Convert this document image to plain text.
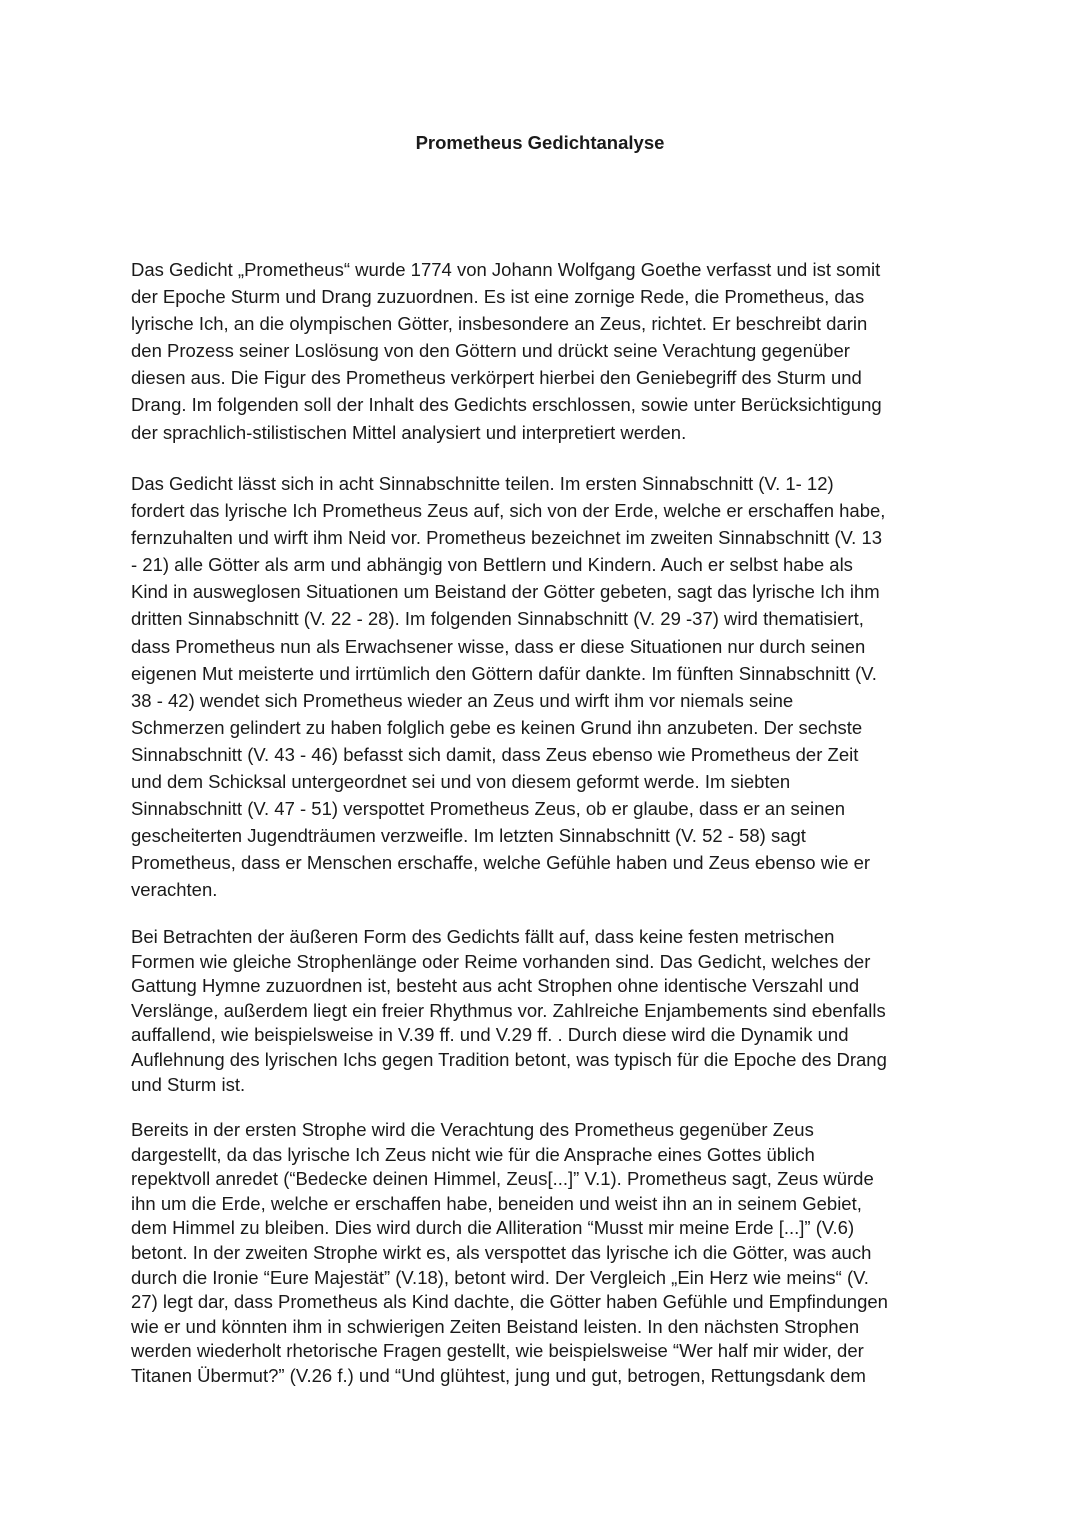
Prometheus Gedichtanalyse
Das Gedicht „Prometheus“ wurde 1774 von Johann Wolfgang Goethe verfasst und ist somit
der Epoche Sturm und Drang zuzuordnen. Es ist eine zornige Rede, die Prometheus, das
lyrische Ich, an die olympischen Götter, insbesondere an Zeus, richtet. Er beschreibt darin
den Prozess seiner Loslösung von den Göttern und drückt seine Verachtung gegenüber
diesen aus. Die Figur des Prometheus verkörpert hierbei den Geniebegriff des Sturm und
Drang. Im folgenden soll der Inhalt des Gedichts erschlossen, sowie unter Berücksichtigung
der sprachlich-stilistischen Mittel analysiert und interpretiert werden.
Das Gedicht lässt sich in acht Sinnabschnitte teilen. Im ersten Sinnabschnitt (V. 1- 12)
fordert das lyrische Ich Prometheus Zeus auf, sich von der Erde, welche er erschaffen habe,
fernzuhalten und wirft ihm Neid vor. Prometheus bezeichnet im zweiten Sinnabschnitt (V. 13
- 21) alle Götter als arm und abhängig von Bettlern und Kindern. Auch er selbst habe als
Kind in ausweglosen Situationen um Beistand der Götter gebeten, sagt das lyrische Ich ihm
dritten Sinnabschnitt (V. 22 - 28). Im folgenden Sinnabschnitt (V. 29 -37) wird thematisiert,
dass Prometheus nun als Erwachsener wisse, dass er diese Situationen nur durch seinen
eigenen Mut meisterte und irrtümlich den Göttern dafür dankte. Im fünften Sinnabschnitt (V.
38 - 42) wendet sich Prometheus wieder an Zeus und wirft ihm vor niemals seine
Schmerzen gelindert zu haben folglich gebe es keinen Grund ihn anzubeten. Der sechste
Sinnabschnitt (V. 43 - 46) befasst sich damit, dass Zeus ebenso wie Prometheus der Zeit
und dem Schicksal untergeordnet sei und von diesem geformt werde. Im siebten
Sinnabschnitt (V. 47 - 51) verspottet Prometheus Zeus, ob er glaube, dass er an seinen
gescheiterten Jugendträumen verzweifle. Im letzten Sinnabschnitt (V. 52 - 58) sagt
Prometheus, dass er Menschen erschaffe, welche Gefühle haben und Zeus ebenso wie er
verachten.
Bei Betrachten der äußeren Form des Gedichts fällt auf, dass keine festen metrischen
Formen wie gleiche Strophenlänge oder Reime vorhanden sind. Das Gedicht, welches der
Gattung Hymne zuzuordnen ist, besteht aus acht Strophen ohne identische Verszahl und
Verslänge, außerdem liegt ein freier Rhythmus vor. Zahlreiche Enjambements sind ebenfalls
auffallend, wie beispielsweise in V.39 ff. und V.29 ff. . Durch diese wird die Dynamik und
Auflehnung des lyrischen Ichs gegen Tradition betont, was typisch für die Epoche des Drang
und Sturm ist.
Bereits in der ersten Strophe wird die Verachtung des Prometheus gegenüber Zeus
dargestellt, da das lyrische Ich Zeus nicht wie für die Ansprache eines Gottes üblich
repektvoll anredet (“Bedecke deinen Himmel, Zeus[...]” V.1). Prometheus sagt, Zeus würde
ihn um die Erde, welche er erschaffen habe, beneiden und weist ihn an in seinem Gebiet,
dem Himmel zu bleiben. Dies wird durch die Alliteration “Musst mir meine Erde [...]” (V.6)
betont. In der zweiten Strophe wirkt es, als verspottet das lyrische ich die Götter, was auch
durch die Ironie “Eure Majestät” (V.18), betont wird. Der Vergleich „Ein Herz wie meins“ (V.
27) legt dar, dass Prometheus als Kind dachte, die Götter haben Gefühle und Empfindungen
wie er und könnten ihm in schwierigen Zeiten Beistand leisten. In den nächsten Strophen
werden wiederholt rhetorische Fragen gestellt, wie beispielsweise “Wer half mir wider, der
Titanen Übermut?” (V.26 f.) und “Und glühtest, jung und gut, betrogen, Rettungsdank dem
